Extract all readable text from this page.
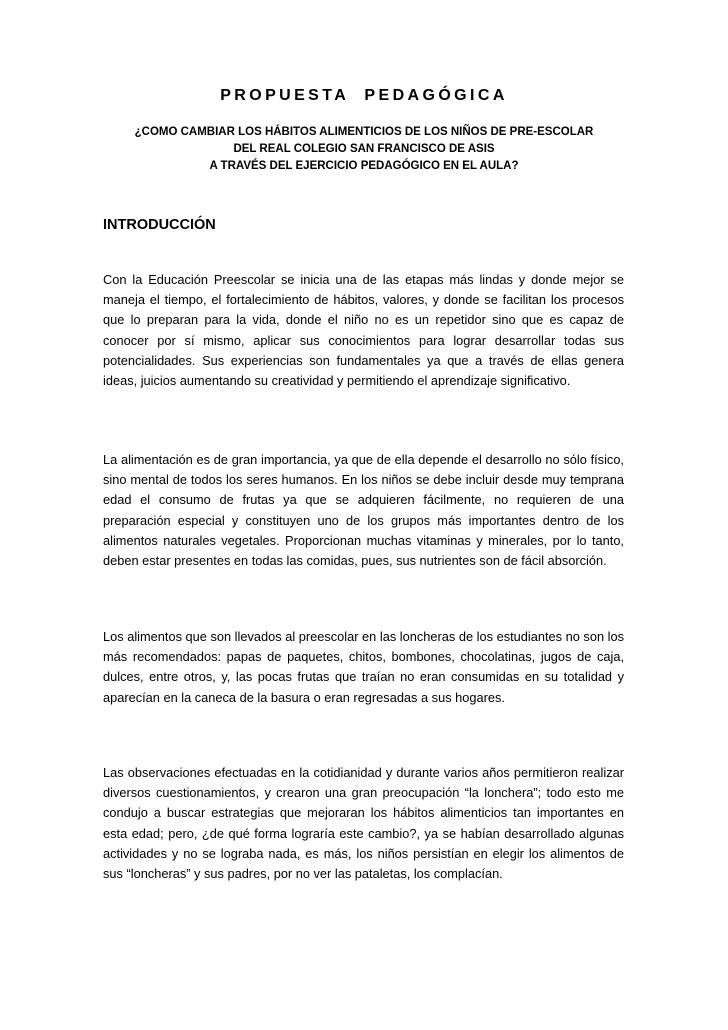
PROPUESTA PEDAGÓGICA
¿COMO CAMBIAR LOS HÁBITOS ALIMENTICIOS DE LOS NIÑOS DE PRE-ESCOLAR
DEL REAL COLEGIO SAN FRANCISCO DE ASIS
A TRAVÉS DEL EJERCICIO PEDAGÓGICO EN EL AULA?
INTRODUCCIÓN

Con la Educación Preescolar se inicia una de las etapas más lindas y donde mejor se maneja el tiempo, el fortalecimiento de hábitos, valores, y donde se facilitan los procesos que lo preparan para la vida, donde el niño no es un repetidor sino que es capaz de conocer por sí mismo, aplicar sus conocimientos para lograr desarrollar todas sus potencialidades. Sus experiencias son fundamentales ya que a través de ellas genera ideas, juicios aumentando su creatividad y permitiendo el aprendizaje significativo.

La alimentación es de gran importancia, ya que de ella depende el desarrollo no sólo físico, sino mental de todos los seres humanos. En los niños se debe incluir desde muy temprana edad el consumo de frutas ya que se adquieren fácilmente, no requieren de una preparación especial y constituyen uno de los grupos más importantes dentro de los alimentos naturales vegetales. Proporcionan muchas vitaminas y minerales, por lo tanto, deben estar presentes en todas las comidas, pues, sus nutrientes son de fácil absorción.

Los alimentos que son llevados al preescolar en las loncheras de los estudiantes no son los más recomendados: papas de paquetes, chitos, bombones, chocolatinas, jugos de caja, dulces, entre otros, y, las pocas frutas que traían no eran consumidas en su totalidad y aparecían en la caneca de la basura o eran regresadas a sus hogares.

Las observaciones efectuadas en la cotidianidad y durante varios años permitieron realizar diversos cuestionamientos, y crearon una gran preocupación “la lonchera”; todo esto me condujo a buscar estrategias que mejoraran los hábitos alimenticios tan importantes en esta edad; pero, ¿de qué forma lograría este cambio?, ya se habían desarrollado algunas actividades y no se lograba nada, es más, los niños persistían en elegir los alimentos de sus “loncheras” y sus padres, por no ver las pataletas, los complacían.
